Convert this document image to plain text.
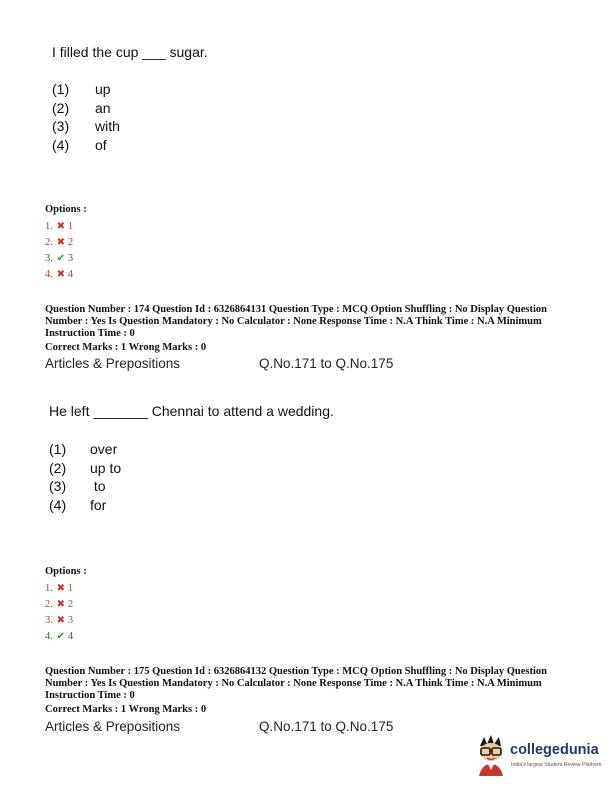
I filled the cup ___ sugar.
(1)	up
(2)	an
(3)	with
(4)	of
Options :
1. ✖ 1
2. ✖ 2
3. ✔ 3
4. ✖ 4
Question Number : 174 Question Id : 6326864131 Question Type : MCQ Option Shuffling : No Display Question Number : Yes Is Question Mandatory : No Calculator : None Response Time : N.A Think Time : N.A Minimum Instruction Time : 0
Correct Marks : 1 Wrong Marks : 0
Articles & Prepositions	Q.No.171 to Q.No.175
He left _______ Chennai to attend a wedding.
(1)	over
(2)	up to
(3)	to
(4)	for
Options :
1. ✖ 1
2. ✖ 2
3. ✖ 3
4. ✔ 4
Question Number : 175 Question Id : 6326864132 Question Type : MCQ Option Shuffling : No Display Question Number : Yes Is Question Mandatory : No Calculator : None Response Time : N.A Think Time : N.A Minimum Instruction Time : 0
Correct Marks : 1 Wrong Marks : 0
Articles & Prepositions	Q.No.171 to Q.No.175
collegedunia
India's largest Student Review Platform
